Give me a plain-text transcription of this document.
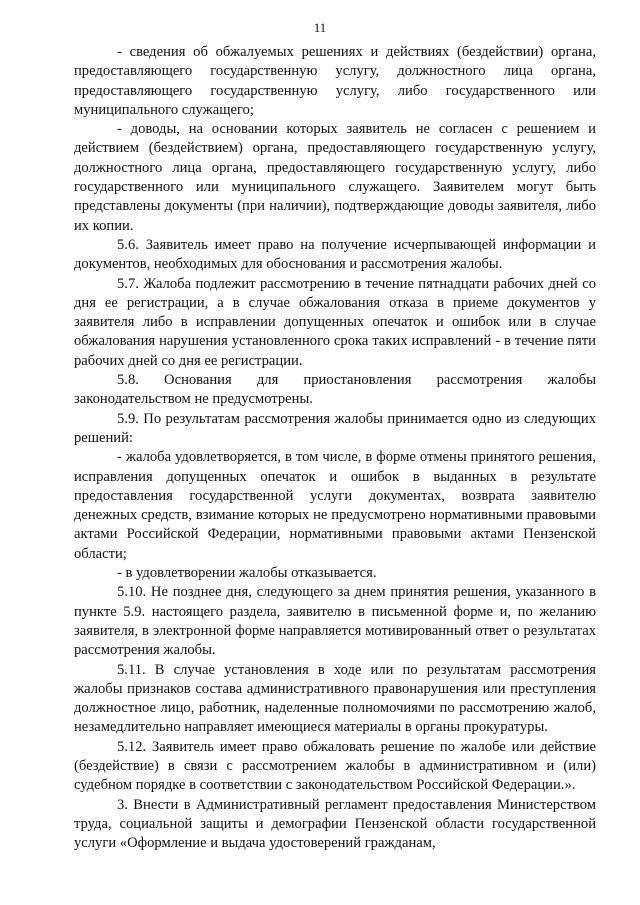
11

- сведения об обжалуемых решениях и действиях (бездействии) органа, предоставляющего государственную услугу, должностного лица органа, предоставляющего государственную услугу, либо государственного или муниципального служащего;

- доводы, на основании которых заявитель не согласен с решением и действием (бездействием) органа, предоставляющего государственную услугу, должностного лица органа, предоставляющего государственную услугу, либо государственного или муниципального служащего. Заявителем могут быть представлены документы (при наличии), подтверждающие доводы заявителя, либо их копии.

5.6. Заявитель имеет право на получение исчерпывающей информации и документов, необходимых для обоснования и рассмотрения жалобы.

5.7. Жалоба подлежит рассмотрению в течение пятнадцати рабочих дней со дня ее регистрации, а в случае обжалования отказа в приеме документов у заявителя либо в исправлении допущенных опечаток и ошибок или в случае обжалования нарушения установленного срока таких исправлений - в течение пяти рабочих дней со дня ее регистрации.

5.8. Основания для приостановления рассмотрения жалобы законодательством не предусмотрены.

5.9. По результатам рассмотрения жалобы принимается одно из следующих решений:

- жалоба удовлетворяется, в том числе, в форме отмены принятого решения, исправления допущенных опечаток и ошибок в выданных в результате предоставления государственной услуги документах, возврата заявителю денежных средств, взимание которых не предусмотрено нормативными правовыми актами Российской Федерации, нормативными правовыми актами Пензенской области;

- в удовлетворении жалобы отказывается.

5.10. Не позднее дня, следующего за днем принятия решения, указанного в пункте 5.9. настоящего раздела, заявителю в письменной форме и, по желанию заявителя, в электронной форме направляется мотивированный ответ о результатах рассмотрения жалобы.

5.11. В случае установления в ходе или по результатам рассмотрения жалобы признаков состава административного правонарушения или преступления должностное лицо, работник, наделенные полномочиями по рассмотрению жалоб, незамедлительно направляет имеющиеся материалы в органы прокуратуры.

5.12. Заявитель имеет право обжаловать решение по жалобе или действие (бездействие) в связи с рассмотрением жалобы в административном и (или) судебном порядке в соответствии с законодательством Российской Федерации.».

3. Внести в Административный регламент предоставления Министерством труда, социальной защиты и демографии Пензенской области государственной услуги «Оформление и выдача удостоверений гражданам,
